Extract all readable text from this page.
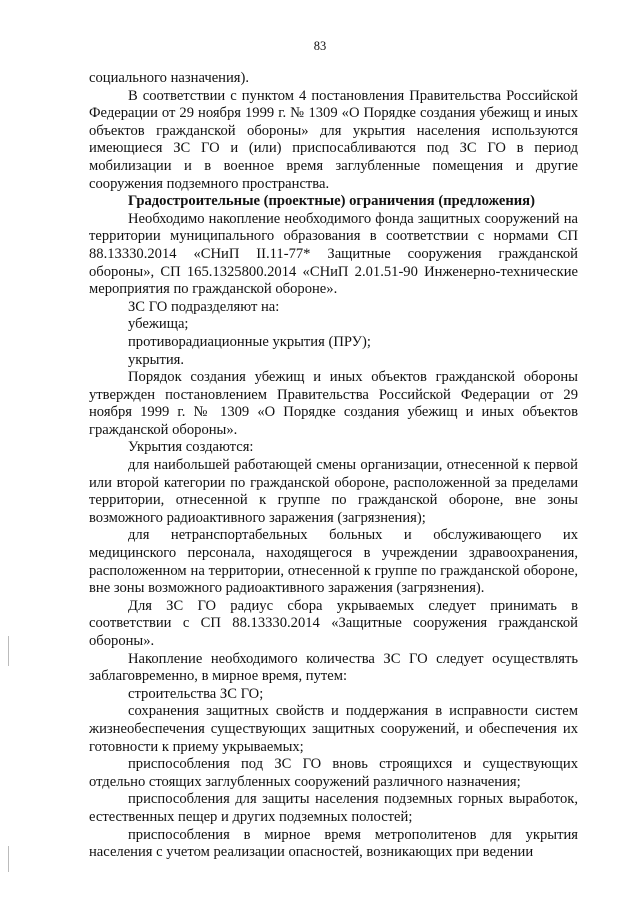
83

социального назначения).

В соответствии с пунктом 4 постановления Правительства Российской Федерации от 29 ноября 1999 г. № 1309 «О Порядке создания убежищ и иных объектов гражданской обороны» для укрытия населения используются имеющиеся ЗС ГО и (или) приспосабливаются под ЗС ГО в период мобилизации и в военное время заглубленные помещения и другие сооружения подземного пространства.

Градостроительные (проектные) ограничения (предложения)

Необходимо накопление необходимого фонда защитных сооружений на территории муниципального образования в соответствии с нормами СП 88.13330.2014 «СНиП II.11-77* Защитные сооружения гражданской обороны», СП 165.1325800.2014 «СНиП 2.01.51-90 Инженерно-технические мероприятия по гражданской обороне».

ЗС ГО подразделяют на:

убежища;

противорадиационные укрытия (ПРУ);

укрытия.

Порядок создания убежищ и иных объектов гражданской обороны утвержден постановлением Правительства Российской Федерации от 29 ноября 1999 г. № 1309 «О Порядке создания убежищ и иных объектов гражданской обороны».

Укрытия создаются:

для наибольшей работающей смены организации, отнесенной к первой или второй категории по гражданской обороне, расположенной за пределами территории, отнесенной к группе по гражданской обороне, вне зоны возможного радиоактивного заражения (загрязнения);

для нетранспортабельных больных и обслуживающего их медицинского персонала, находящегося в учреждении здравоохранения, расположенном на территории, отнесенной к группе по гражданской обороне, вне зоны возможного радиоактивного заражения (загрязнения).

Для ЗС ГО радиус сбора укрываемых следует принимать в соответствии с СП 88.13330.2014 «Защитные сооружения гражданской обороны».

Накопление необходимого количества ЗС ГО следует осуществлять заблаговременно, в мирное время, путем:

строительства ЗС ГО;

сохранения защитных свойств и поддержания в исправности систем жизнеобеспечения существующих защитных сооружений, и обеспечения их готовности к приему укрываемых;

приспособления под ЗС ГО вновь строящихся и существующих отдельно стоящих заглубленных сооружений различного назначения;

приспособления для защиты населения подземных горных выработок, естественных пещер и других подземных полостей;

приспособления в мирное время метрополитенов для укрытия населения с учетом реализации опасностей, возникающих при ведении
